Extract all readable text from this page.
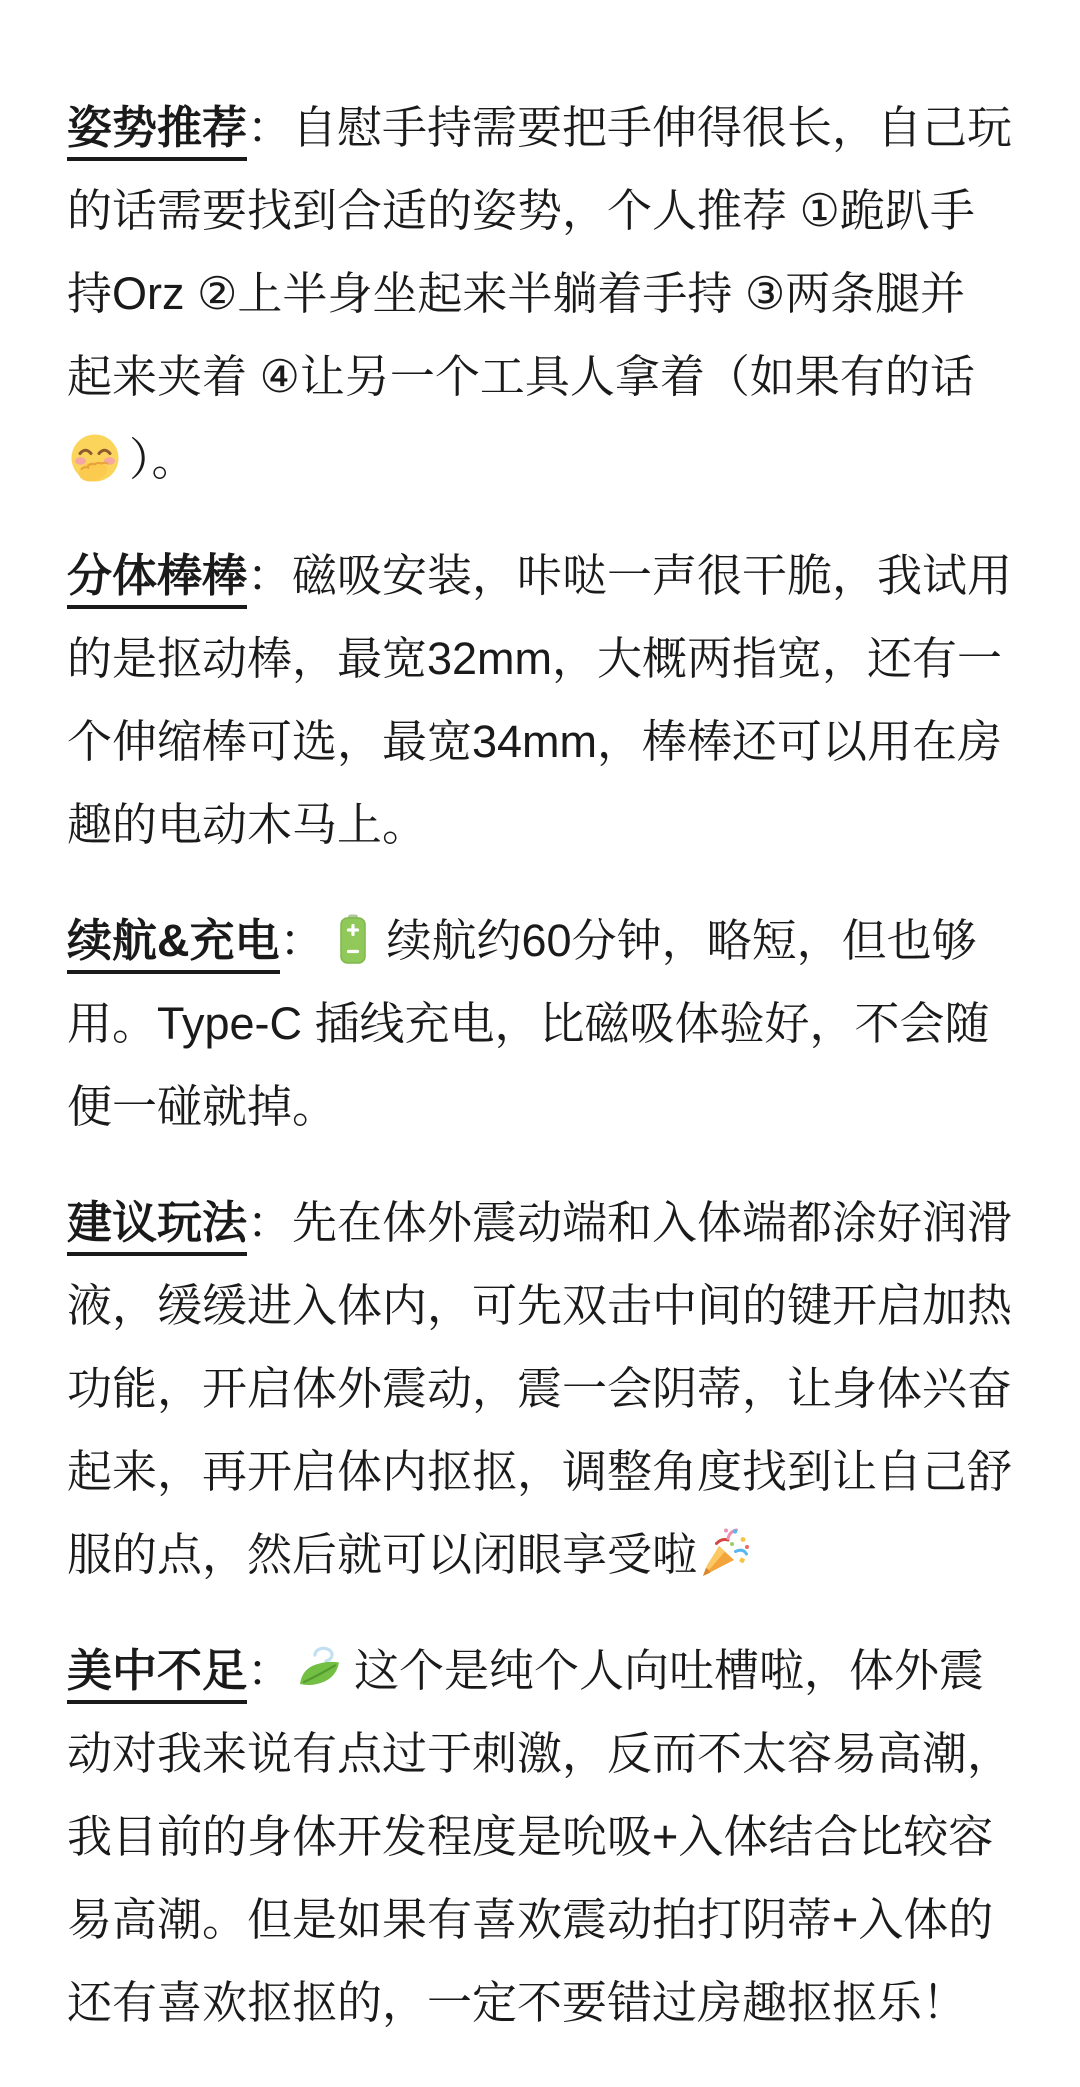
姿势推荐：自慰手持需要把手伸得很长，自己玩
的话需要找到合适的姿势，个人推荐 ①跪趴手
持Orz ②上半身坐起来半躺着手持 ③两条腿并
起来夹着 ④让另一个工具人拿着（如果有的话
）。
分体棒棒：磁吸安装，咔哒一声很干脆，我试用
的是抠动棒，最宽32mm，大概两指宽，还有一
个伸缩棒可选，最宽34mm，棒棒还可以用在房
趣的电动木马上。
续航&充电： 续航约60分钟，略短，但也够
用。Type-C 插线充电，比磁吸体验好，不会随
便一碰就掉。
建议玩法：先在体外震动端和入体端都涂好润滑
液，缓缓进入体内，可先双击中间的键开启加热
功能，开启体外震动，震一会阴蒂，让身体兴奋
起来，再开启体内抠抠，调整角度找到让自己舒
服的点，然后就可以闭眼享受啦
美中不足： 这个是纯个人向吐槽啦，体外震
动对我来说有点过于刺激，反而不太容易高潮，
我目前的身体开发程度是吮吸+入体结合比较容
易高潮。但是如果有喜欢震动拍打阴蒂+入体的
还有喜欢抠抠的，一定不要错过房趣抠抠乐！
